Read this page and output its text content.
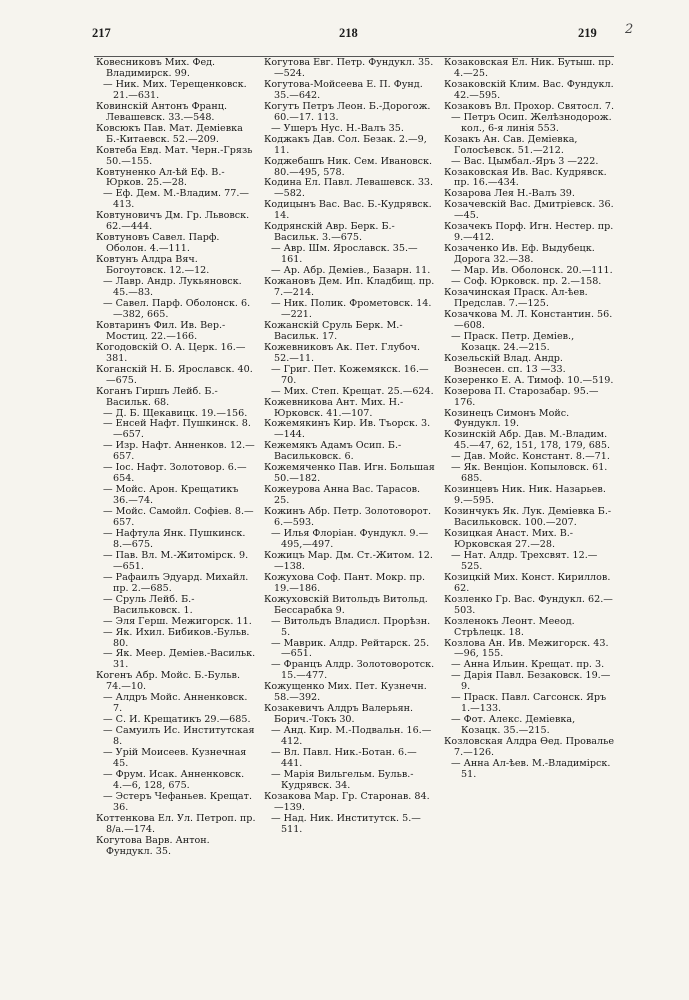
217	218	219 2

Ковесниковъ Мих. Фед. Владимирск. 99.

— Ник. Мих. Терещенковск. 21.—631.

Ковинскій Антонъ Франц. Левашевск. 33.—548.

Ковсюкъ Пав. Мат. Деміевка Б.-Китаевск. 52.—209.

Ковтеба Евд. Мат. Черн.-Грязь 50.—155.

Ковтуненко Ал-ѣй Еф. В.-Юрков. 25.—28.

— Еф. Дем. М.-Владим. 77.—413.

Ковтуновичъ Дм. Гр. Львовск. 62.—444.

Ковтуновъ Савел. Парф. Оболон. 4.—111.

Ковтунъ Алдра Вяч. Богоутовск. 12.—12.

— Лавр. Андр. Лукьяновск. 45.—83.

— Савел. Парф. Оболонск. 6.—382, 665.

Ковтаринъ Фил. Ив. Вер.-Мостиц. 22.—166.

Когодовскій О. А. Церк. 16.—381.

Коганскій Н. Б. Ярославск. 40.—675.

Коганъ Гиршъ Лейб. Б.-Васильк. 68.

— Д. Б. Щекавицк. 19.—156.

— Енсей Нафт. Пушкинск. 8.—657.

— Изр. Нафт. Анненков. 12.—657.

— Іос. Нафт. Золотовор. 6.—654.

— Мойс. Арон. Крещатикъ 36.—74.

— Мойс. Самойл. Софіев. 8.—657.

— Нафтула Янк. Пушкинск. 8.—675.

— Пав. Вл. М.-Житомірск. 9.—651.

— Рафаилъ Эдуард. Михайл. пр. 2.—685.

— Сруль Лейб. Б.-Васильковск. 1.

— Эля Герш. Межигорск. 11.

— Як. Ихил. Бибиков.-Бульв. 80.

— Як. Меер. Деміев.-Васильк. 31.

Когенъ Абр. Мойс. Б.-Бульв. 74.—10.

— Алдръ Мойс. Анненковск. 7.

— С. И. Крещатикъ 29.—685.

— Самуилъ Ис. Институтская 8.

— Урій Моисеев. Кузнечная 45.

— Фрум. Исак. Анненковск. 4.—6, 128, 675.

— Эстеръ Чефаньев. Крещат. 36.

Коттенкова Ел. Ул. Петроп. пр. 8/а.—174.

Когутова Варв. Антон. Фундукл. 35.

Когутова Евг. Петр. Фундукл. 35.—524.

Когутова-Мойсеева Е. П. Фунд. 35.—642.

Когутъ Петръ Леон. Б.-Дорогож. 60.—17. 113.

— Ушеръ Нус. Н.-Валъ 35.

Коджакъ Дав. Сол. Безак. 2.—9, 11.

Коджебашъ Ник. Сем. Ивановск. 80.—495, 578.

Кодина Ел. Павл. Левашевск. 33.—582.

Кодицынъ Вас. Вас. Б.-Кудрявск. 14.

Кодрянскій Авр. Берк. Б.-Васильк. 3.—675.

— Авр. Шм. Ярославск. 35.—161.

— Ар. Абр. Деміев., Базарн. 11.

Кожановъ Дем. Ип. Кладбищ. пр. 7.—214.

— Ник. Полик. Фрометовск. 14.—221.

Кожанскій Сруль Берк. М.-Васильк. 17.

Кожевниковъ Ак. Пет. Глубоч. 52.—11.

— Григ. Пет. Кожемякск. 16.—70.

— Мих. Степ. Крещат. 25.—624.

Кожевникова Ант. Мих. Н.-Юрковск. 41.—107.

Кожемякинъ Кир. Ив. Тъорск. 3.—144.

Кежемякъ Адамъ Осип. Б.-Васильковск. 6.

Кожемяченко Пав. Игн. Большая 50.—182.

Кожеурова Анна Вас. Тарасов. 25.

Кожинъ Абр. Петр. Золотоворот. 6.—593.

— Илья Флоріан. Фундукл. 9.—495,—497.

Кожицъ Мар. Дм. Ст.-Житом. 12.—138.

Кожухова Соф. Пант. Мокр. пр. 19.—186.

Кожуховскій Витольдъ Витольд. Бессарабка 9.

— Витольдъ Владисл. Прорѣзн. 5.

— Маврик. Алдр. Рейтарск. 25.—651.

— Францъ Алдр. Золотоворотск. 15.—477.

Кожущенко Мих. Пет. Кузнечн. 58.—392.

Козакевичъ Алдръ Валерьян. Борич.-Токъ 30.

— Анд. Кир. М.-Подвальн. 16.—412.

— Вл. Павл. Ник.-Ботан. 6.—441.

— Марія Вильгельм. Бульв.-Кудрявск. 34.

Козакова Мар. Гр. Старонав. 84.—139.

— Над. Ник. Институтск. 5.—511.

Козаковская Ел. Ник. Бутыш. пр. 4.—25.

Козаковскій Клим. Вас. Фундукл. 42.—595.

Козаковъ Вл. Прохор. Святосл. 7.

— Петръ Осип. Желѣзнодорож. кол., 6-я линія 553.

Козакъ Ан. Сав. Деміевка, Голосѣевск. 51.—212.

— Вас. Цымбал.-Яръ 3 —222.

Козаковская Ив. Вас. Кудрявск. пр. 16.—434.

Козарова Лея Н.-Валъ 39.

Козачевскій Вас. Дмитріевск. 36.—45.

Козачекъ Порф. Игн. Нестер. пр. 9.—412.

Козаченко Ив. Еф. Выдубецк. Дорога 32.—38.

— Мар. Ив. Оболонск. 20.—111.

— Соф. Юрковск. пр. 2.—158.

Козачинская Праск. Ал-ѣев. Предслав. 7.—125.

Козачкова М. Л. Константин. 56.—608.

— Праск. Петр. Деміев., Козацк. 24.—215.

Козельскій Влад. Андр. Вознесен. сп. 13 —33.

Козеренко Е. А. Тимоф. 10.—519.

Козерова П. Старозабар. 95.—176.

Козинецъ Симонъ Мойс. Фундукл. 19.

Козинскій Абр. Дав. М.-Владим. 45.—47, 62, 151, 178, 179, 685.

— Дав. Мойс. Констант. 8.—71.

— Як. Венціон. Копыловск. 61. 685.

Козинцевъ Ник. Ник. Назарьев. 9.—595.

Козинчукъ Як. Лук. Деміевка Б.-Васильковск. 100.—207.

Козицкая Анаст. Мих. В.-Юрковская 27.—28.

— Нат. Алдр. Трехсвят. 12.—525.

Козицкій Мих. Конст. Кириллов. 62.

Козленко Гр. Вас. Фундукл. 62.—503.

Козленокъ Леонт. Мееод. Стрѣлецк. 18.

Козлова Ан. Ив. Межигорск. 43.—96, 155.

— Анна Ильин. Крещат. пр. 3.

— Дарія Павл. Безаковск. 19.—9.

— Праск. Павл. Сагсонск. Яръ 1.—133.

— Фот. Алекс. Деміевка, Козацк. 35.—215.

Козловская Алдра Өед. Провалье 7.—126.

— Анна Ал-ѣев. М.-Владимірск. 51.
